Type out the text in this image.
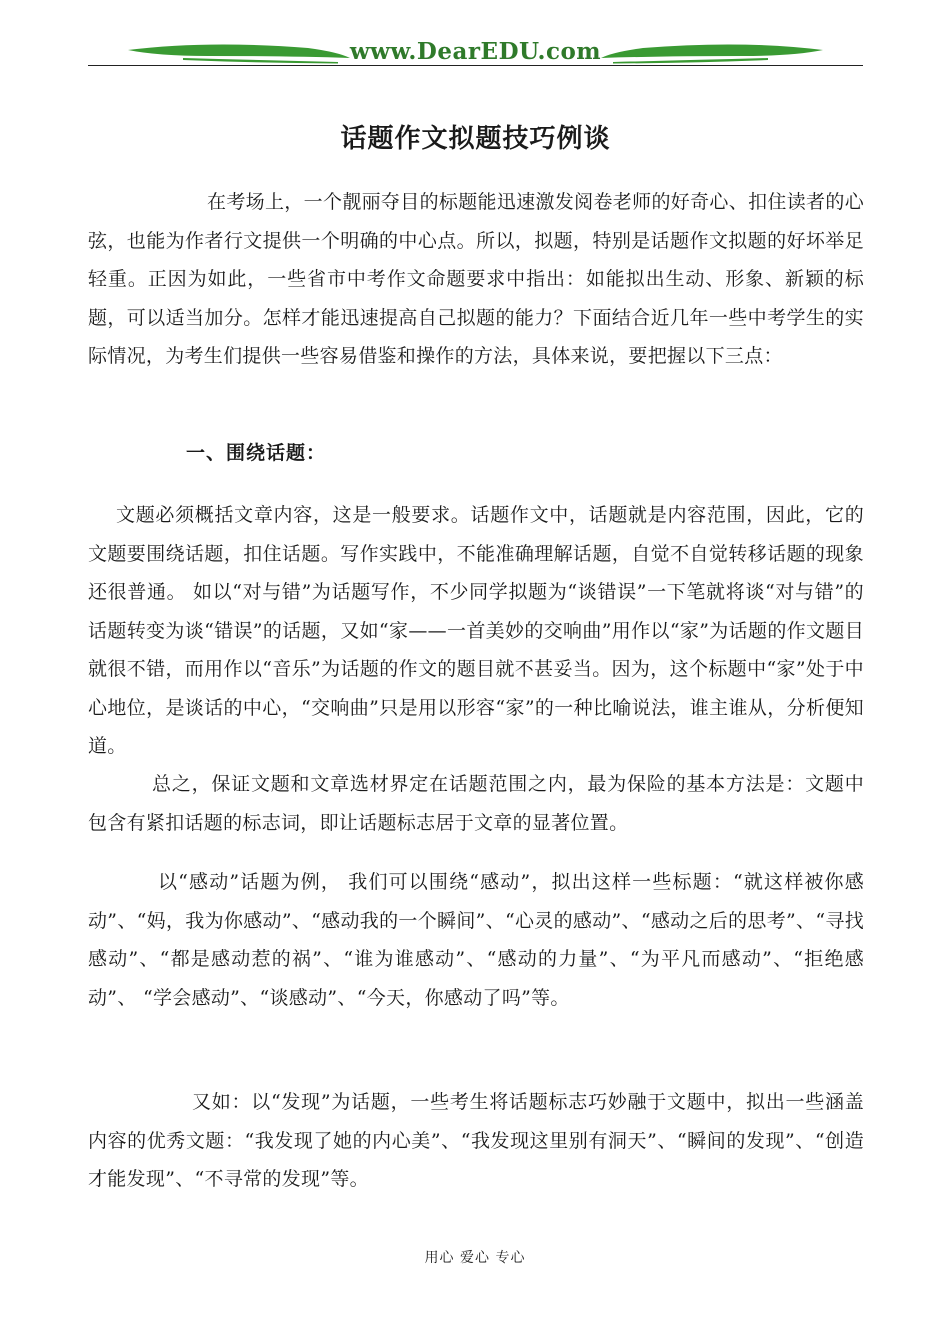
www.DearEDU.com
话题作文拟题技巧例谈
在考场上，一个靓丽夺目的标题能迅速激发阅卷老师的好奇心、扣住读者的心弦，也能为作者行文提供一个明确的中心点。所以，拟题，特别是话题作文拟题的好坏举足轻重。正因为如此，一些省市中考作文命题要求中指出：如能拟出生动、形象、新颖的标题，可以适当加分。怎样才能迅速提高自己拟题的能力？下面结合近几年一些中考学生的实际情况，为考生们提供一些容易借鉴和操作的方法，具体来说，要把握以下三点：
一、围绕话题：
文题必须概括文章内容，这是一般要求。话题作文中，话题就是内容范围，因此，它的文题要围绕话题，扣住话题。写作实践中，不能准确理解话题，自觉不自觉转移话题的现象还很普通。 如以“对与错”为话题写作，不少同学拟题为“谈错误”一下笔就将谈“对与错”的话题转变为谈“错误”的话题，又如“家——一首美妙的交响曲”用作以“家”为话题的作文题目就很不错，而用作以“音乐”为话题的作文的题目就不甚妥当。因为，这个标题中“家”处于中心地位，是谈话的中心，“交响曲”只是用以形容“家”的一种比喻说法，谁主谁从，分析便知道。
总之，保证文题和文章选材界定在话题范围之内，最为保险的基本方法是：文题中包含有紧扣话题的标志词，即让话题标志居于文章的显著位置。
以“感动”话题为例， 我们可以围绕“感动”，拟出这样一些标题：“就这样被你感动”、“妈，我为你感动”、“感动我的一个瞬间”、“心灵的感动”、“感动之后的思考”、“寻找感动”、“都是感动惹的祸”、“谁为谁感动”、“感动的力量”、“为平凡而感动”、“拒绝感动”、 “学会感动”、“谈感动”、“今天，你感动了吗”等。
又如：以“发现”为话题，一些考生将话题标志巧妙融于文题中，拟出一些涵盖内容的优秀文题：“我发现了她的内心美”、“我发现这里别有洞天”、“瞬间的发现”、“创造才能发现”、“不寻常的发现”等。
用心 爱心 专心
